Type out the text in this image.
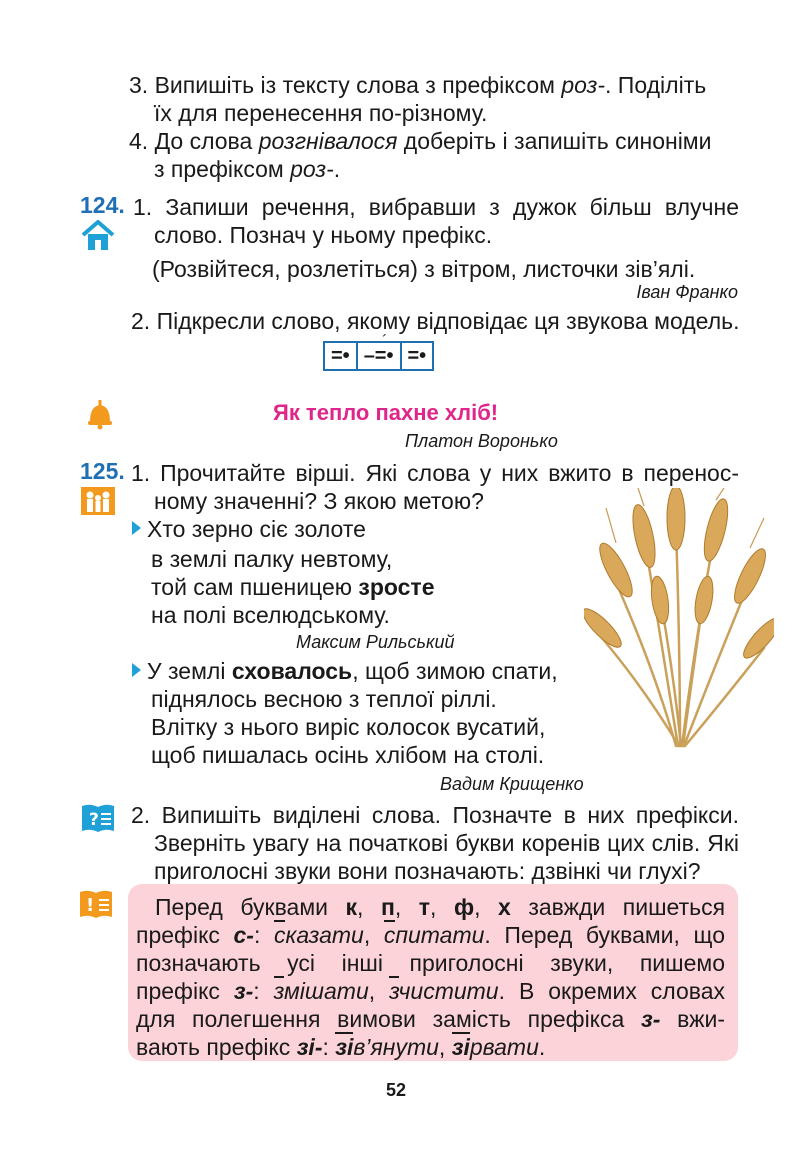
3. Випишіть із тексту слова з префіксом роз-. Поділіть
їх для перенесення по-різному.
4. До слова розгнівалося доберіть і запишіть синоніми
з префіксом роз-.
124. 1. Запиши речення, вибравши з дужок більш влучне
слово. Познач у ньому префікс.
(Розвійтеся, розлетіться) з вітром, листочки зів’ялі.
Іван Франко
2. Підкресли слово, якому відповідає ця звукова модель.
=• –=•
´
=•
Як тепло пахне хліб!
Платон Воронько
125. 1. Прочитайте вірші. Які слова у них вжито в перенос-
ному значенні? З якою метою?
Хто зерно сіє золоте
в землі палку невтому,
той сам пшеницею зросте
на полі вселюдському.
Максим Рильський
У землі сховалось, щоб зимою спати,
піднялось весною з теплої ріллі.
Влітку з нього виріс колосок вусатий,
щоб пишалась осінь хлібом на столі.
Вадим Крищенко
? 2. Випишіть виділені слова. Позначте в них префікси.
Зверніть увагу на початкові букви коренів цих слів. Які
приголосні звуки вони позначають: дзвінкі чи глухі?
!	Перед буквами к, п, т, ф, х завжди пишеться
префікс с-: сказати, спитати. Перед буквами, що
позначають усі інші приголосні звуки, пишемо
префікс з-: змішати, зчистити. В окремих словах
для полегшення вимови замість префікса з- вжи-
вають префікс зі-: зів’янути, зірвати.
52
